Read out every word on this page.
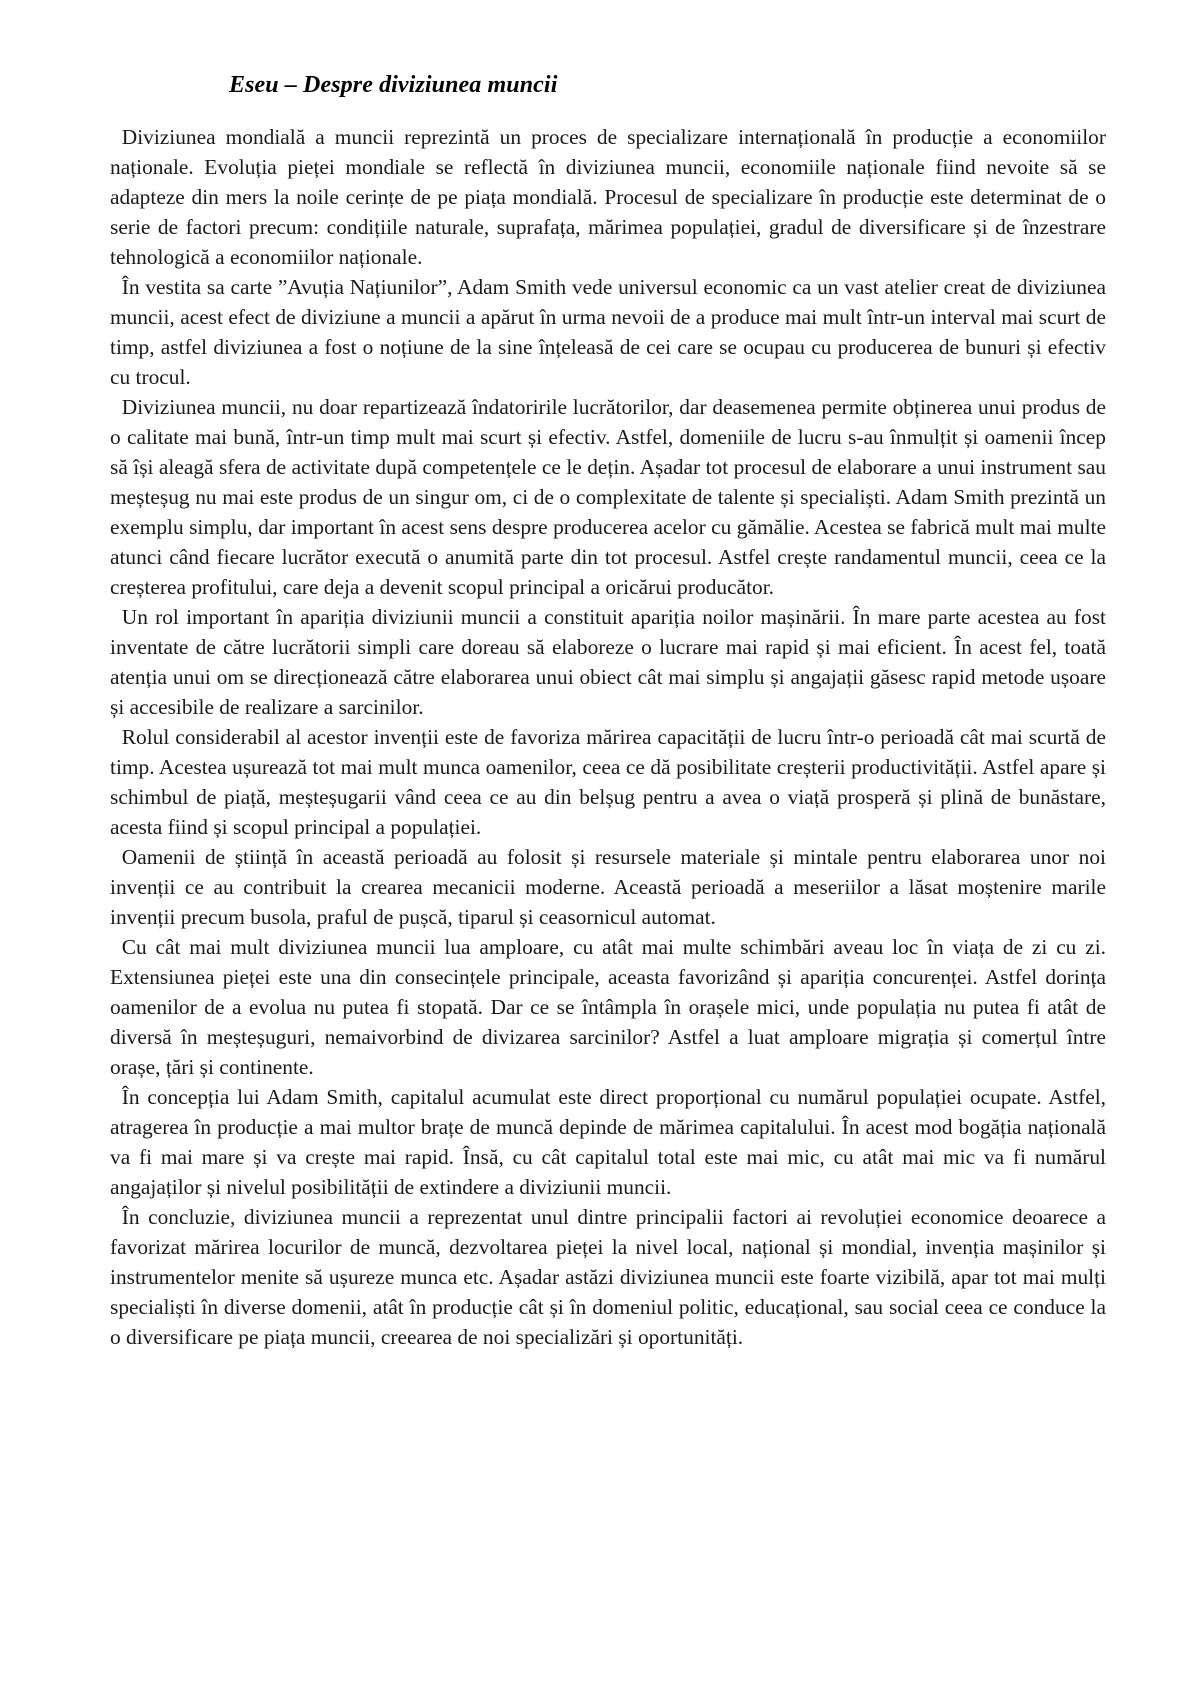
Eseu – Despre diviziunea muncii

Diviziunea mondială a muncii reprezintă un proces de specializare internațională în producție a economiilor naționale. Evoluția pieței mondiale se reflectă în diviziunea muncii, economiile naționale fiind nevoite să se adapteze din mers la noile cerințe de pe piața mondială. Procesul de specializare în producție este determinat de o serie de factori precum: condițiile naturale, suprafața, mărimea populației, gradul de diversificare și de înzestrare tehnologică a economiilor naționale.

În vestita sa carte ”Avuția Națiunilor”, Adam Smith vede universul economic ca un vast atelier creat de diviziunea muncii, acest efect de diviziune a muncii a apărut în urma nevoii de a produce mai mult într-un interval mai scurt de timp, astfel diviziunea a fost o noțiune de la sine înțeleasă de cei care se ocupau cu producerea de bunuri și efectiv cu trocul.

Diviziunea muncii, nu doar repartizează îndatoririle lucrătorilor, dar deasemenea permite obținerea unui produs de o calitate mai bună, într-un timp mult mai scurt și efectiv. Astfel, domeniile de lucru s-au înmulțit și oamenii încep să își aleagă sfera de activitate după competențele ce le dețin. Așadar tot procesul de elaborare a unui instrument sau meșteșug nu mai este produs de un singur om, ci de o complexitate de talente și specialiști. Adam Smith prezintă un exemplu simplu, dar important în acest sens despre producerea acelor cu gămălie. Acestea se fabrică mult mai multe atunci când fiecare lucrător execută o anumită parte din tot procesul. Astfel crește randamentul muncii, ceea ce la creșterea profitului, care deja a devenit scopul principal a oricărui producător.

Un rol important în apariția diviziunii muncii a constituit apariția noilor mașinării. În mare parte acestea au fost inventate de către lucrătorii simpli care doreau să elaboreze o lucrare mai rapid și mai eficient. În acest fel, toată atenția unui om se direcționează către elaborarea unui obiect cât mai simplu și angajații găsesc rapid metode ușoare și accesibile de realizare a sarcinilor.

Rolul considerabil al acestor invenții este de favoriza mărirea capacității de lucru într-o perioadă cât mai scurtă de timp. Acestea ușurează tot mai mult munca oamenilor, ceea ce dă posibilitate creșterii productivității. Astfel apare și schimbul de piață, meșteșugarii vând ceea ce au din belșug pentru a avea o viață prosperă și plină de bunăstare, acesta fiind și scopul principal a populației.

Oamenii de știință în această perioadă au folosit și resursele materiale și mintale pentru elaborarea unor noi invenții ce au contribuit la crearea mecanicii moderne. Această perioadă a meseriilor a lăsat moștenire marile invenții precum busola, praful de pușcă, tiparul și ceasornicul automat.

Cu cât mai mult diviziunea muncii lua amploare, cu atât mai multe schimbări aveau loc în viața de zi cu zi. Extensiunea pieței este una din consecințele principale, aceasta favorizând și apariția concurenței. Astfel dorința oamenilor de a evolua nu putea fi stopată. Dar ce se întâmpla în orașele mici, unde populația nu putea fi atât de diversă în meșteșuguri, nemaivorbind de divizarea sarcinilor? Astfel a luat amploare migrația și comerțul între orașe, țări și continente.

În concepția lui Adam Smith, capitalul acumulat este direct proporțional cu numărul populației ocupate. Astfel, atragerea în producție a mai multor brațe de muncă depinde de mărimea capitalului. În acest mod bogăția națională va fi mai mare și va crește mai rapid. Însă, cu cât capitalul total este mai mic, cu atât mai mic va fi numărul angajaților și nivelul posibilității de extindere a diviziunii muncii.

În concluzie, diviziunea muncii a reprezentat unul dintre principalii factori ai revoluției economice deoarece a favorizat mărirea locurilor de muncă, dezvoltarea pieței la nivel local, național și mondial, invenția mașinilor și instrumentelor menite să ușureze munca etc. Așadar astăzi diviziunea muncii este foarte vizibilă, apar tot mai mulți specialiști în diverse domenii, atât în producție cât și în domeniul politic, educațional, sau social ceea ce conduce la o diversificare pe piața muncii, creearea de noi specializări și oportunități.
